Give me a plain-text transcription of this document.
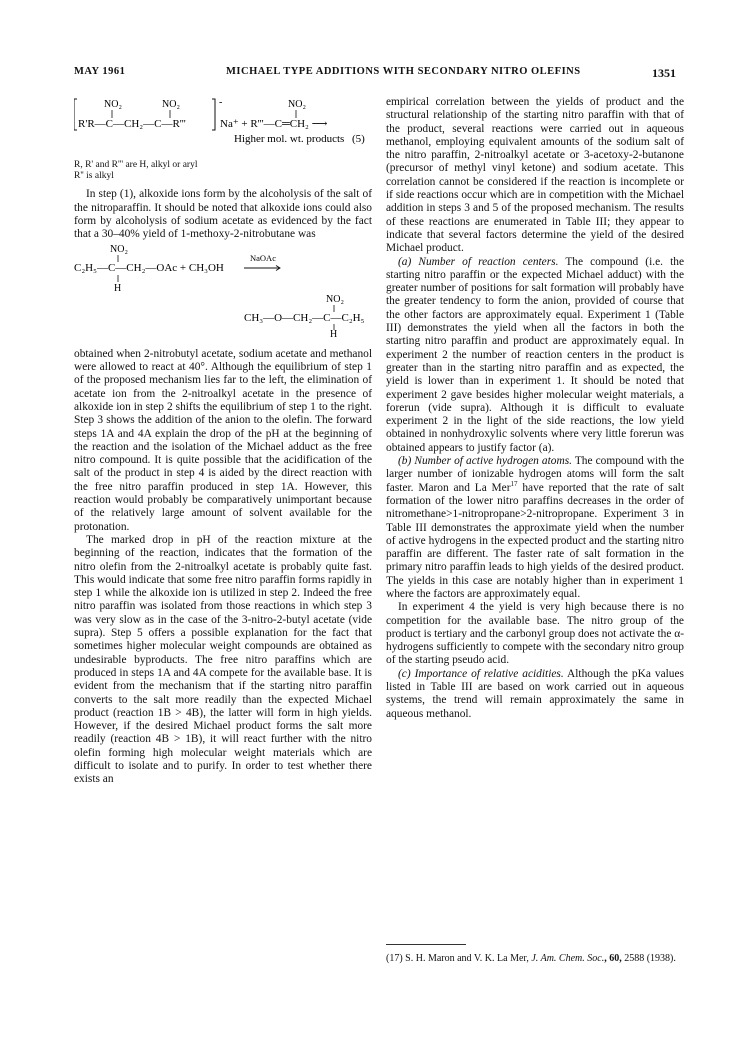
MAY 1961	MICHAEL TYPE ADDITIONS WITH SECONDARY NITRO OLEFINS	1351
NO₂	NO₂	-	NO₂
R'R—C—CH₂—C—R'''	Na⁺ + R'''—C═CH₂ ⟶
Higher mol. wt. products (5)

R, R' and R''' are H, alkyl or aryl

R'' is alkyl

In step (1), alkoxide ions form by the alcoholysis of the salt of the nitroparaffin. It should be noted that alkoxide ions could also form by alcoholysis of sodium acetate as evidenced by the fact that a 30–40% yield of 1-methoxy-2-nitrobutane was

NO₂
C₂H₅—C—CH₂—OAc + CH₃OH
NaOAc
H
NO₂
CH₃—O—CH₂—C—C₂H₅
H

obtained when 2-nitrobutyl acetate, sodium acetate and methanol were allowed to react at 40°. Although the equilibrium of step 1 of the proposed mechanism lies far to the left, the elimination of acetate ion from the 2-nitroalkyl acetate in the presence of alkoxide ion in step 2 shifts the equilibrium of step 1 to the right. Step 3 shows the addition of the anion to the olefin. The forward steps 1A and 4A explain the drop of the pH at the beginning of the reaction and the isolation of the Michael adduct as the free nitro compound. It is quite possible that the acidification of the salt of the product in step 4 is aided by the direct reaction with the free nitro paraffin produced in step 1A. However, this reaction would probably be comparatively unimportant because of the relatively large amount of solvent available for the protonation.

The marked drop in pH of the reaction mixture at the beginning of the reaction, indicates that the formation of the nitro olefin from the 2-nitroalkyl acetate is probably quite fast. This would indicate that some free nitro paraffin forms rapidly in step 1 while the alkoxide ion is utilized in step 2. Indeed the free nitro paraffin was isolated from those reactions in which step 3 was very slow as in the case of the 3-nitro-2-butyl acetate (vide supra). Step 5 offers a possible explanation for the fact that sometimes higher molecular weight compounds are obtained as undesirable byproducts. The free nitro paraffins which are produced in steps 1A and 4A compete for the available base. It is evident from the mechanism that if the starting nitro paraffin converts to the salt more readily than the expected Michael product (reaction 1B > 4B), the latter will form in high yields. However, if the desired Michael product forms the salt more readily (reaction 4B > 1B), it will react further with the nitro olefin forming high molecular weight materials which are difficult to isolate and to purify. In order to test whether there exists an

empirical correlation between the yields of product and the structural relationship of the starting nitro paraffin with that of the product, several reactions were carried out in aqueous methanol, employing equivalent amounts of the sodium salt of the nitro paraffin, 2-nitroalkyl acetate or 3-acetoxy-2-butanone (precursor of methyl vinyl ketone) and sodium acetate. This correlation cannot be considered if the reaction is incomplete or if side reactions occur which are in competition with the Michael addition in steps 3 and 5 of the proposed mechanism. The results of these reactions are enumerated in Table III; they appear to indicate that several factors determine the yield of the desired Michael product.

(a) Number of reaction centers. The compound (i.e. the starting nitro paraffin or the expected Michael adduct) with the greater number of positions for salt formation will probably have the greater tendency to form the anion, provided of course that the other factors are approximately equal. Experiment 1 (Table III) demonstrates the yield when all the factors in both the starting nitro paraffin and product are approximately equal. In experiment 2 the number of reaction centers in the product is greater than in the starting nitro paraffin and as expected, the yield is lower than in experiment 1. It should be noted that experiment 2 gave besides higher molecular weight materials, a forerun (vide supra). Although it is difficult to evaluate experiment 2 in the light of the side reactions, the low yield obtained in nonhydroxylic solvents where very little forerun was obtained appears to justify factor (a).

(b) Number of active hydrogen atoms. The compound with the larger number of ionizable hydrogen atoms will form the salt faster. Maron and La Mer$^{17}$ have reported that the rate of salt formation of the lower nitro paraffins decreases in the order of nitromethane>1-nitropropane>2-nitropropane. Experiment 3 in Table III demonstrates the approximate yield when the number of active hydrogens in the expected product and the starting nitro paraffin are different. The faster rate of salt formation in the primary nitro paraffin leads to high yields of the desired product. The yields in this case are notably higher than in experiment 1 where the factors are approximately equal.

In experiment 4 the yield is very high because there is no competition for the available base. The nitro group of the product is tertiary and the carbonyl group does not activate the α-hydrogens sufficiently to compete with the secondary nitro group of the starting pseudo acid.

(c) Importance of relative acidities. Although the pKa values listed in Table III are based on work carried out in aqueous systems, the trend will remain approximately the same in aqueous methanol.

(17) S. H. Maron and V. K. La Mer, J. Am. Chem. Soc., 60, 2588 (1938).
